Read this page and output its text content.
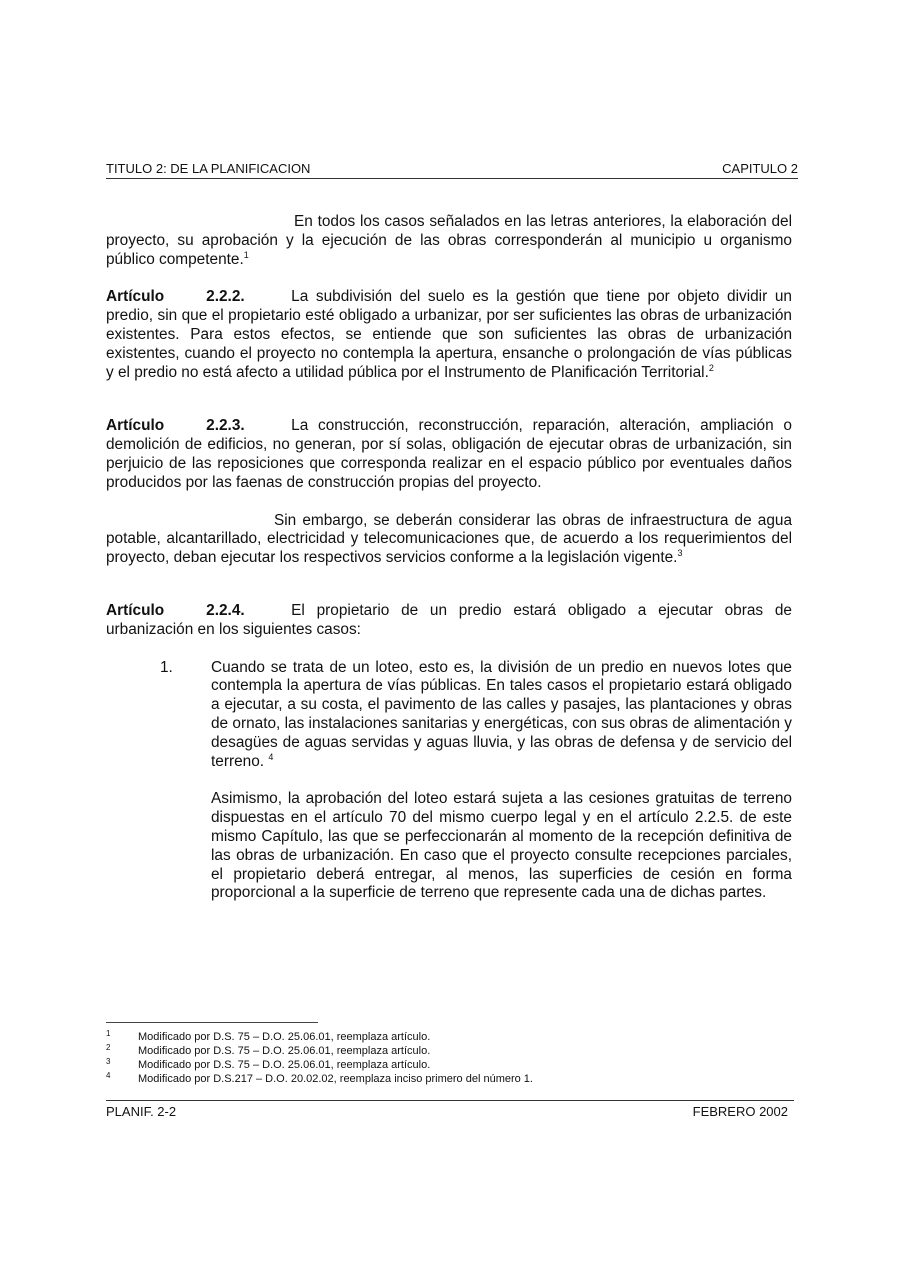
TITULO 2: DE LA PLANIFICACION	CAPITULO 2

En todos los casos señalados en las letras anteriores, la elaboración del proyecto, su aprobación y la ejecución de las obras corresponderán al municipio u organismo público competente.$^1$

Artículo	2.2.2.	La subdivisión del suelo es la gestión que tiene por objeto dividir un predio, sin que el propietario esté obligado a urbanizar, por ser suficientes las obras de urbanización existentes. Para estos efectos, se entiende que son suficientes las obras de urbanización existentes, cuando el proyecto no contempla la apertura, ensanche o prolongación de vías públicas y el predio no está afecto a utilidad pública por el Instrumento de Planificación Territorial.$^2$

Artículo	2.2.3.	La construcción, reconstrucción, reparación, alteración, ampliación o demolición de edificios, no generan, por sí solas, obligación de ejecutar obras de urbanización, sin perjuicio de las reposiciones que corresponda realizar en el espacio público por eventuales daños producidos por las faenas de construcción propias del proyecto.

Sin embargo, se deberán considerar las obras de infraestructura de agua potable, alcantarillado, electricidad y telecomunicaciones que, de acuerdo a los requerimientos del proyecto, deban ejecutar los respectivos servicios conforme a la legislación vigente.$^3$

Artículo	2.2.4.	El propietario de un predio estará obligado a ejecutar obras de urbanización en los siguientes casos:

1. Cuando se trata de un loteo, esto es, la división de un predio en nuevos lotes que contempla la apertura de vías públicas. En tales casos el propietario estará obligado a ejecutar, a su costa, el pavimento de las calles y pasajes, las plantaciones y obras de ornato, las instalaciones sanitarias y energéticas, con sus obras de alimentación y desagües de aguas servidas y aguas lluvia, y las obras de defensa y de servicio del terreno. $^4$

Asimismo, la aprobación del loteo estará sujeta a las cesiones gratuitas de terreno dispuestas en el artículo 70 del mismo cuerpo legal y en el artículo 2.2.5. de este mismo Capítulo, las que se perfeccionarán al momento de la recepción definitiva de las obras de urbanización. En caso que el proyecto consulte recepciones parciales, el propietario deberá entregar, al menos, las superficies de cesión en forma proporcional a la superficie de terreno que represente cada una de dichas partes.

1	Modificado por D.S. 75 – D.O. 25.06.01, reemplaza artículo.
2	Modificado por D.S. 75 – D.O. 25.06.01, reemplaza artículo.
3	Modificado por D.S. 75 – D.O. 25.06.01, reemplaza artículo.
4	Modificado por D.S.217 – D.O. 20.02.02, reemplaza inciso primero del número 1.
PLANIF. 2-2	FEBRERO 2002
